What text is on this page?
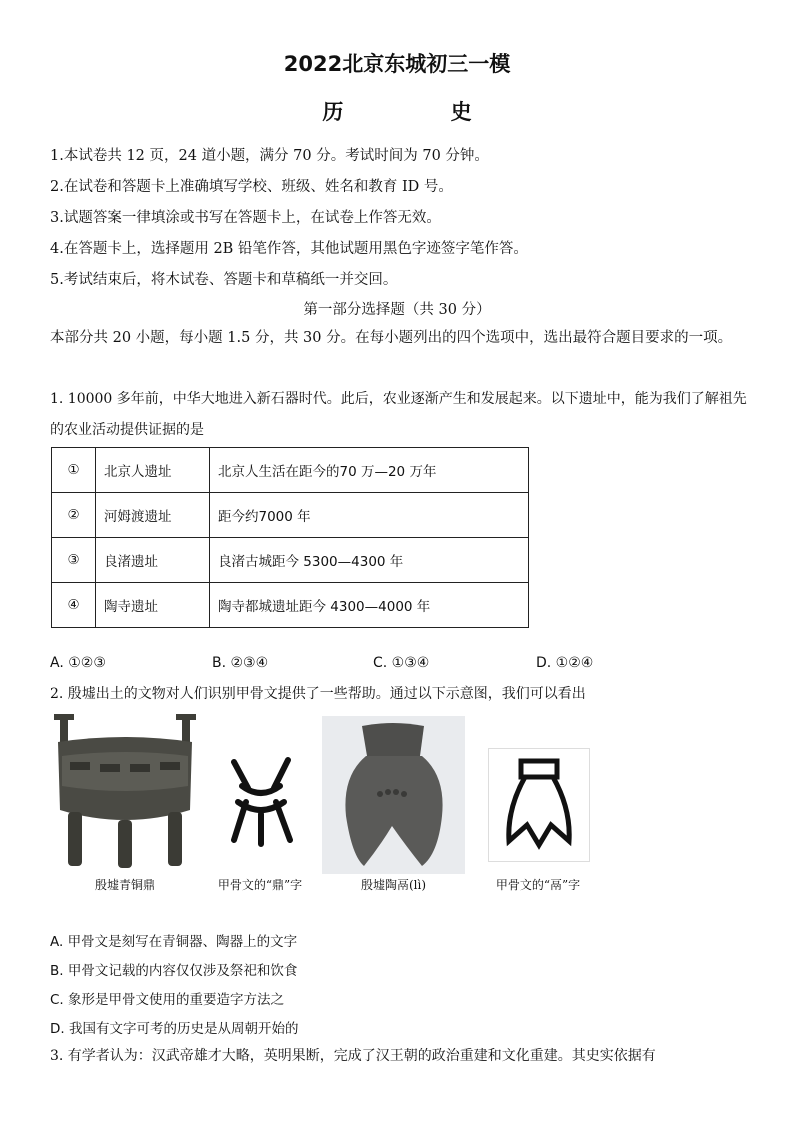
2022北京东城初三一模
历 史
1.本试卷共 12 页，24 道小题，满分 70 分。考试时间为 70 分钟。
2.在试卷和答题卡上准确填写学校、班级、姓名和教育 ID 号。
3.试题答案一律填涂或书写在答题卡上，在试卷上作答无效。
4.在答题卡上，选择题用 2B 铅笔作答，其他试题用黑色字迹签字笔作答。
5.考试结束后，将木试卷、答题卡和草稿纸一并交回。
第一部分选择题（共 30 分）
本部分共 20 小题，每小题 1.5 分，共 30 分。在每小题列出的四个选项中，选出最符合题目要求的一项。
1. 10000 多年前，中华大地进入新石器时代。此后，农业逐渐产生和发展起来。以下遗址中，能为我们了解祖先的农业活动提供证据的是
①	北京人遗址	北京人生活在距今的70 万—20 万年
②	河姆渡遗址	距今约7000 年
③	良渚遗址	良渚古城距今 5300—4300 年
④	陶寺遗址	陶寺都城遗址距今 4300—4000 年
A. ①②③	B. ②③④	C. ①③④	D. ①②④
2. 殷墟出土的文物对人们识别甲骨文提供了一些帮助。通过以下示意图，我们可以看出
殷墟青铜鼎	甲骨文的“鼎”字	殷墟陶鬲(lì)	甲骨文的“鬲”字
A. 甲骨文是刻写在青铜器、陶器上的文字
B. 甲骨文记载的内容仅仅涉及祭祀和饮食
C. 象形是甲骨文使用的重要造字方法之
D. 我国有文字可考的历史是从周朝开始的
3. 有学者认为：汉武帝雄才大略，英明果断，完成了汉王朝的政治重建和文化重建。其史实依据有
